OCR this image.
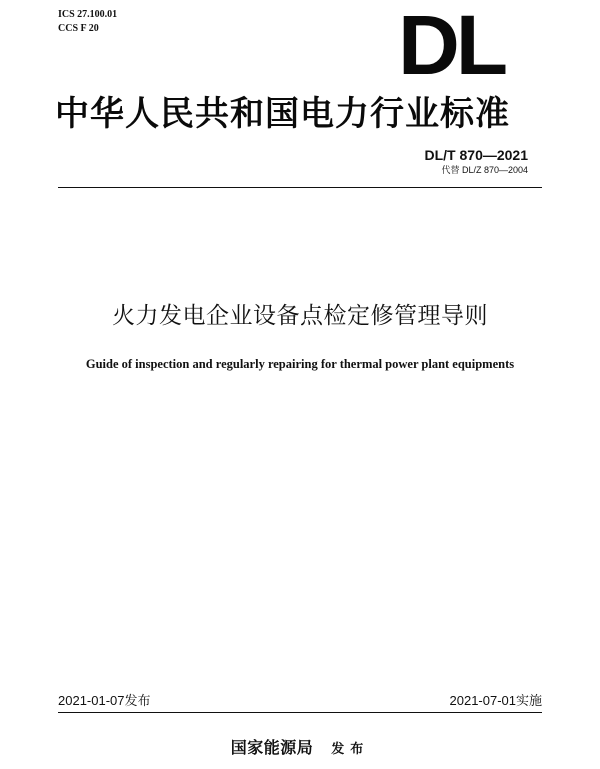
ICS 27.100.01
CCS F 20	DL
中华人民共和国电力行业标准
DL/T 870—2021
代替 DL/Z 870—2004
火力发电企业设备点检定修管理导则
Guide of inspection and regularly repairing for thermal power plant equipments
2021-01-07发布	2021-07-01实施
国家能源局 发布
